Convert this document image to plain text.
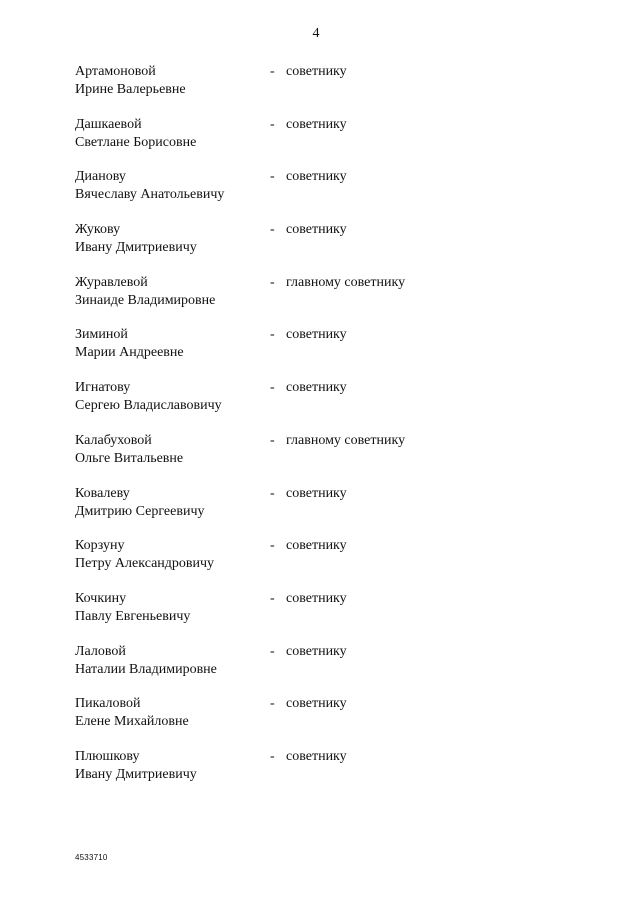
4
Артамоновой
Ирине Валерьевне
- советнику
Дашкаевой
Светлане Борисовне
- советнику
Дианову
Вячеславу Анатольевичу
- советнику
Жукову
Ивану Дмитриевичу
- советнику
Журавлевой
Зинаиде Владимировне
- главному советнику
Зиминой
Марии Андреевне
- советнику
Игнатову
Сергею Владиславовичу
- советнику
Калабуховой
Ольге Витальевне
- главному советнику
Ковалеву
Дмитрию Сергеевичу
- советнику
Корзуну
Петру Александровичу
- советнику
Кочкину
Павлу Евгеньевичу
- советнику
Лаловой
Наталии Владимировне
- советнику
Пикаловой
Елене Михайловне
- советнику
Плюшкову
Ивану Дмитриевичу
- советнику
4533710
